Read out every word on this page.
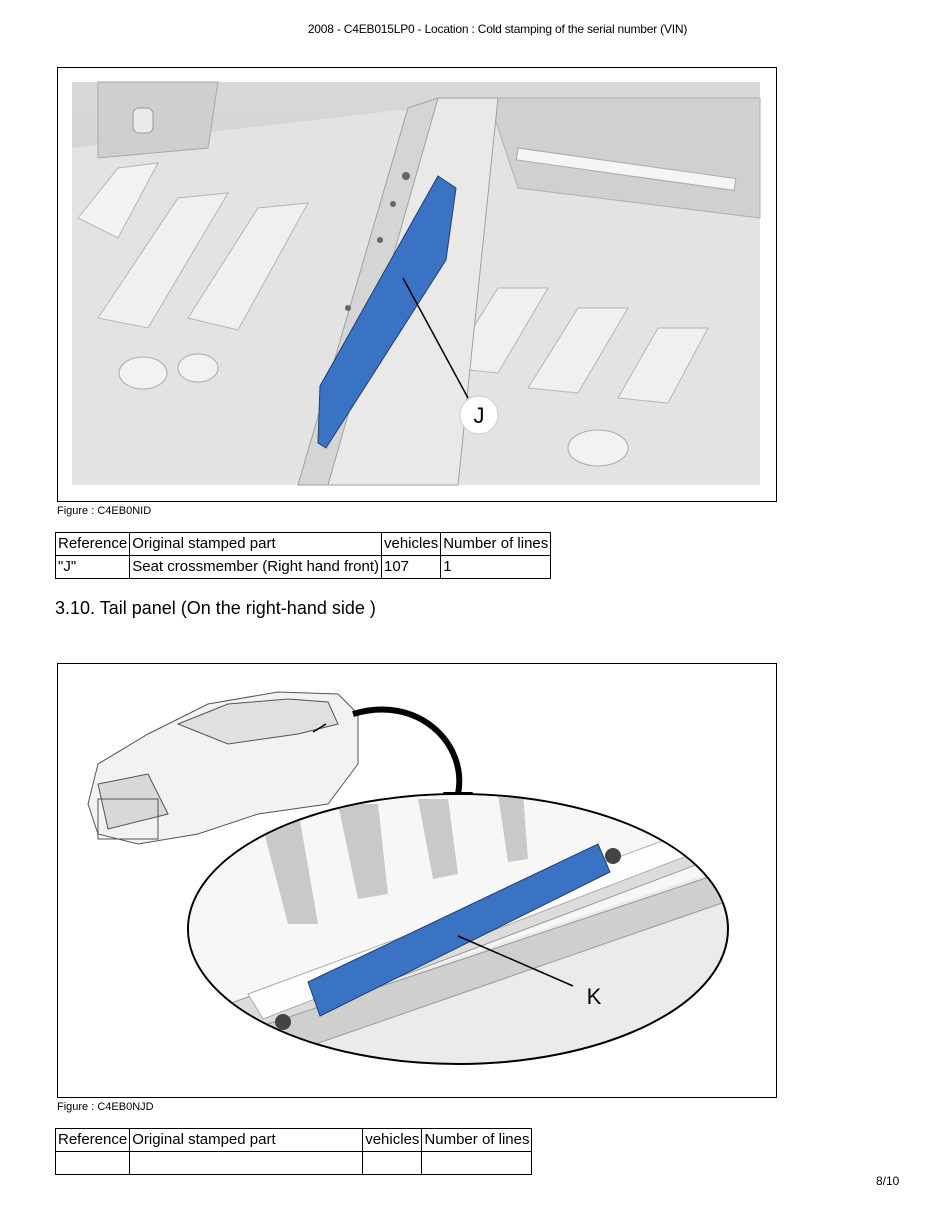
2008 - C4EB015LP0 - Location : Cold stamping of the serial number (VIN)
J
Figure : C4EB0NID
Reference	Original stamped part	vehicles	Number of lines
"J"	Seat crossmember (Right hand front)	107	1
3.10. Tail panel (On the right-hand side )
K
Figure : C4EB0NJD
Reference	Original stamped part	vehicles	Number of lines

8/10
